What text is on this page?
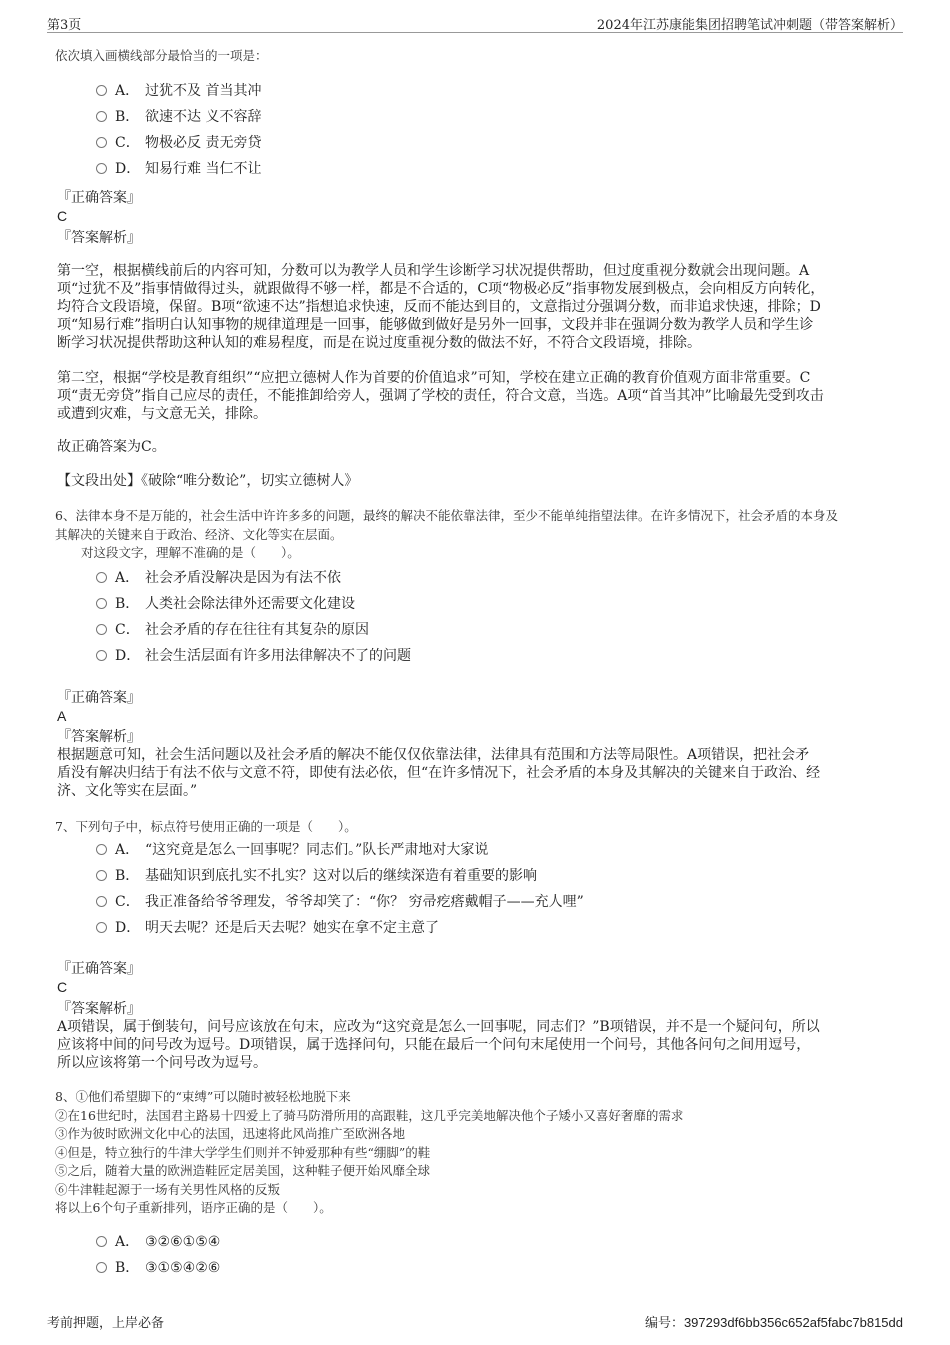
第3页	2024年江苏康能集团招聘笔试冲刺题（带答案解析）
依次填入画横线部分最恰当的一项是：
A． 过犹不及 首当其冲
B． 欲速不达 义不容辞
C． 物极必反 责无旁贷
D． 知易行难 当仁不让
『正确答案』
C
『答案解析』

第一空，根据横线前后的内容可知，分数可以为教学人员和学生诊断学习状况提供帮助，但过度重视分数就会出现问题。A

项“过犹不及”指事情做得过头，就跟做得不够一样，都是不合适的，C项“物极必反”指事物发展到极点，会向相反方向转化，

均符合文段语境，保留。B项“欲速不达”指想追求快速，反而不能达到目的，文意指过分强调分数，而非追求快速，排除；D

项“知易行难”指明白认知事物的规律道理是一回事，能够做到做好是另外一回事，文段并非在强调分数为教学人员和学生诊

断学习状况提供帮助这种认知的难易程度，而是在说过度重视分数的做法不好，不符合文段语境，排除。

第二空，根据“学校是教育组织”“应把立德树人作为首要的价值追求”可知，学校在建立正确的教育价值观方面非常重要。C

项“责无旁贷”指自己应尽的责任，不能推卸给旁人，强调了学校的责任，符合文意，当选。A项“首当其冲”比喻最先受到攻击

或遭到灾难，与文意无关，排除。

故正确答案为C。
【文段出处】《破除“唯分数论”，切实立德树人》

6、法律本身不是万能的，社会生活中许许多多的问题，最终的解决不能依靠法律，至少不能单纯指望法律。在许多情况下，社会矛盾的本身及

其解决的关键来自于政治、经济、文化等实在层面。

对这段文字，理解不准确的是（　　）。

A． 社会矛盾没解决是因为有法不依
B． 人类社会除法律外还需要文化建设
C． 社会矛盾的存在往往有其复杂的原因
D． 社会生活层面有许多用法律解决不了的问题
『正确答案』
A
『答案解析』

根据题意可知，社会生活问题以及社会矛盾的解决不能仅仅依靠法律，法律具有范围和方法等局限性。A项错误，把社会矛

盾没有解决归结于有法不依与文意不符，即使有法必依，但“在许多情况下，社会矛盾的本身及其解决的关键来自于政治、经

济、文化等实在层面。”

7、下列句子中，标点符号使用正确的一项是（　　）。
A． “这究竟是怎么一回事呢？同志们。”队长严肃地对大家说
B． 基础知识到底扎实不扎实？这对以后的继续深造有着重要的影响
C． 我正准备给爷爷理发，爷爷却笑了：“你？ 穷帚疙瘩戴帽子——充人哩”
D． 明天去呢？还是后天去呢？她实在拿不定主意了
『正确答案』
C
『答案解析』

A项错误，属于倒装句，问号应该放在句末，应改为“这究竟是怎么一回事呢，同志们？”B项错误，并不是一个疑问句，所以

应该将中间的问号改为逗号。D项错误，属于选择问句，只能在最后一个问句末尾使用一个问号，其他各问句之间用逗号，

所以应该将第一个问号改为逗号。

8、①他们希望脚下的“束缚”可以随时被轻松地脱下来

②在16世纪时，法国君主路易十四爱上了骑马防滑所用的高跟鞋，这几乎完美地解决他个子矮小又喜好奢靡的需求

③作为彼时欧洲文化中心的法国，迅速将此风尚推广至欧洲各地

④但是，特立独行的牛津大学学生们则并不钟爱那种有些“绷脚”的鞋

⑤之后，随着大量的欧洲造鞋匠定居美国，这种鞋子便开始风靡全球

⑥牛津鞋起源于一场有关男性风格的反叛

将以上6个句子重新排列，语序正确的是（　　）。

A． ③②⑥①⑤④
B． ③①⑤④②⑥
考前押题，上岸必备	编号：397293df6bb356c652af5fabc7b815dd
